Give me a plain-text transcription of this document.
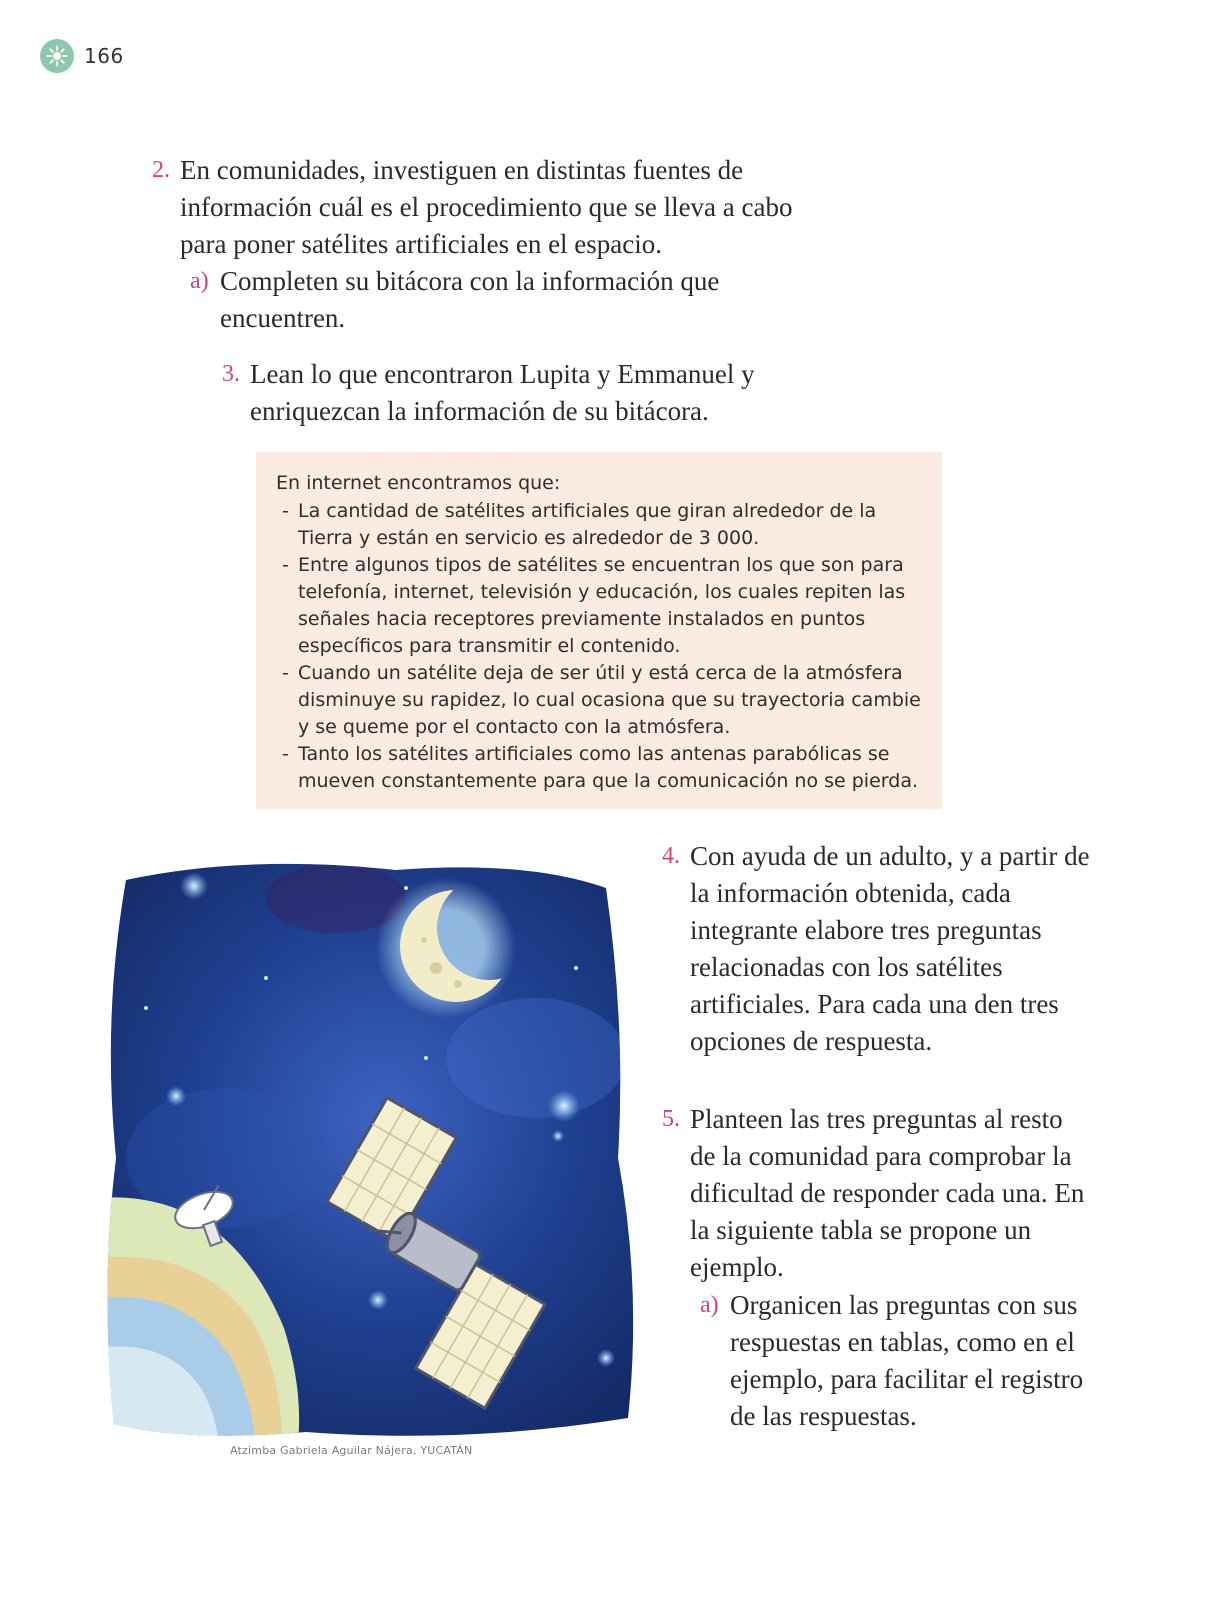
166
2. En comunidades, investiguen en distintas fuentes de información cuál es el procedimiento que se lleva a cabo para poner satélites artificiales en el espacio.
a) Completen su bitácora con la información que encuentren.
3. Lean lo que encontraron Lupita y Emmanuel y enriquezcan la información de su bitácora.

En internet encontramos que:

- La cantidad de satélites artificiales que giran alrededor de la Tierra y están en servicio es alrededor de 3 000.
- Entre algunos tipos de satélites se encuentran los que son para telefonía, internet, televisión y educación, los cuales repiten las señales hacia receptores previamente instalados en puntos específicos para transmitir el contenido.
- Cuando un satélite deja de ser útil y está cerca de la atmósfera disminuye su rapidez, lo cual ocasiona que su trayectoria cambie y se queme por el contacto con la atmósfera.
- Tanto los satélites artificiales como las antenas parabólicas se mueven constantemente para que la comunicación no se pierda.
Atzimba Gabriela Aguilar Nájera, YUCATÁN
4. Con ayuda de un adulto, y a partir de la información obtenida, cada integrante elabore tres preguntas relacionadas con los satélites artificiales. Para cada una den tres opciones de respuesta.
5. Planteen las tres preguntas al resto de la comunidad para comprobar la dificultad de responder cada una. En la siguiente tabla se propone un ejemplo.
a) Organicen las preguntas con sus respuestas en tablas, como en el ejemplo, para facilitar el registro de las respuestas.
